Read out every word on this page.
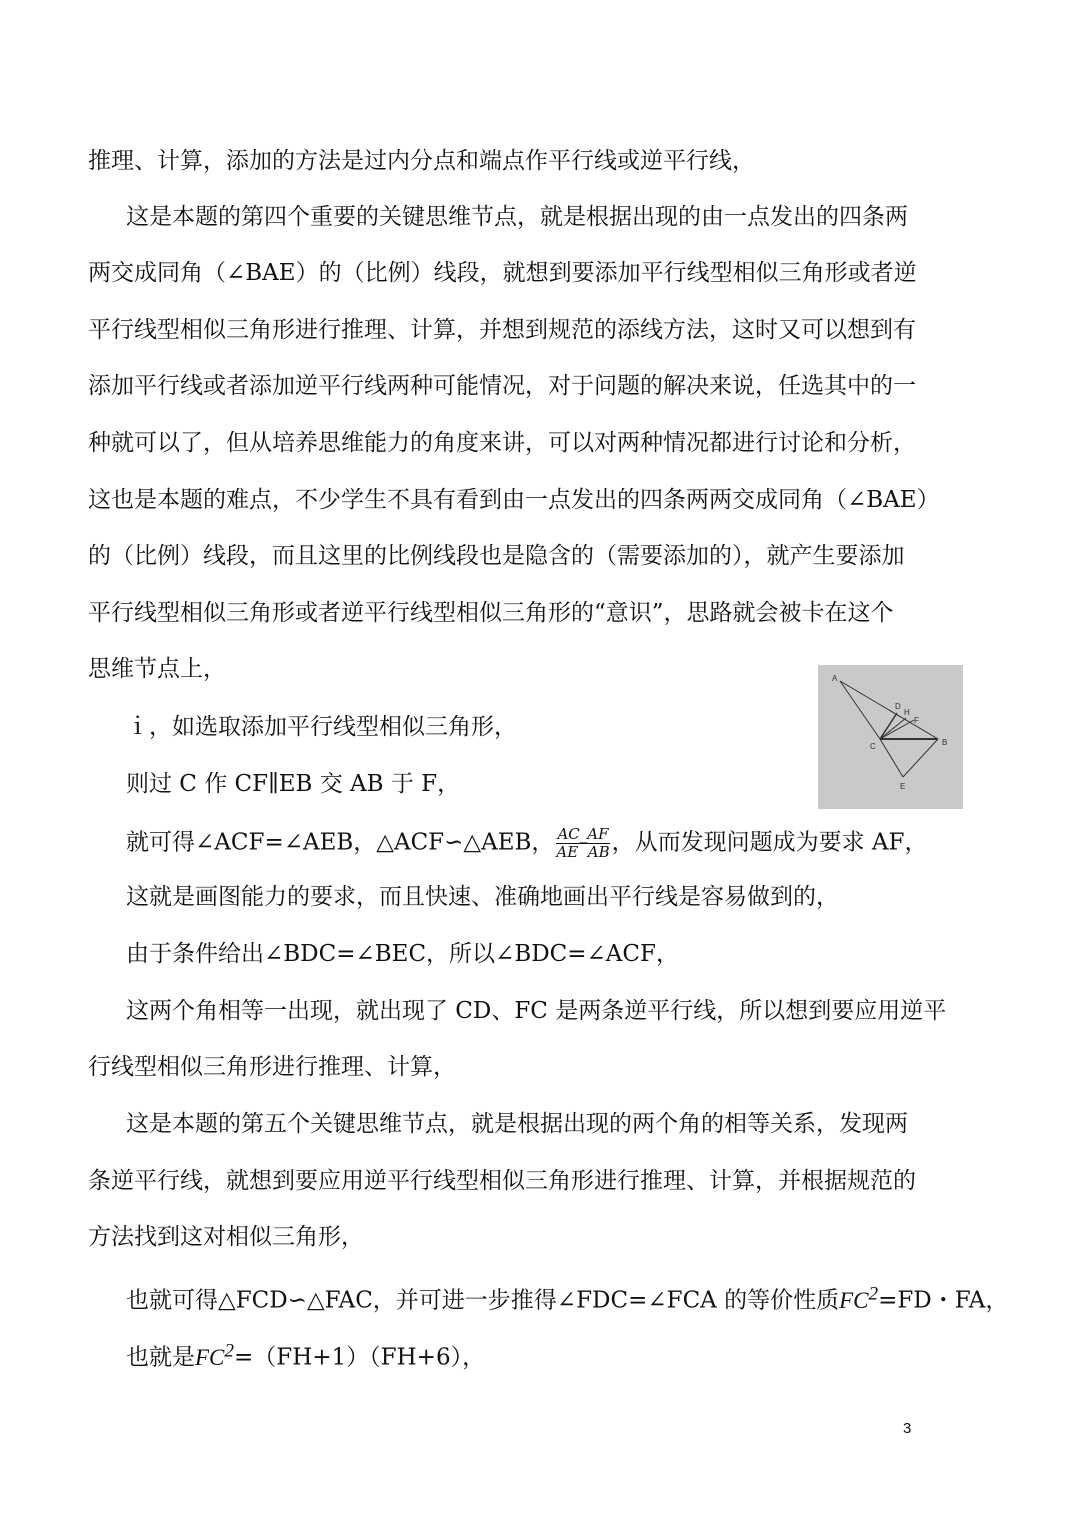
推理、计算，添加的方法是过内分点和端点作平行线或逆平行线，
这是本题的第四个重要的关键思维节点，就是根据出现的由一点发出的四条两
两交成同角（∠BAE）的（比例）线段，就想到要添加平行线型相似三角形或者逆
平行线型相似三角形进行推理、计算，并想到规范的添线方法，这时又可以想到有
添加平行线或者添加逆平行线两种可能情况，对于问题的解决来说，任选其中的一
种就可以了，但从培养思维能力的角度来讲，可以对两种情况都进行讨论和分析，
这也是本题的难点，不少学生不具有看到由一点发出的四条两两交成同角（∠BAE）
的（比例）线段，而且这里的比例线段也是隐含的（需要添加的），就产生要添加
平行线型相似三角形或者逆平行线型相似三角形的“意识”，思路就会被卡在这个
思维节点上，
ｉ，如选取添加平行线型相似三角形，
则过 C 作 CF∥EB 交 AB 于 F，
就可得∠ACF=∠AEB，△ACF∽△AEB， $\frac{AC\_AF}{\text{AE AB}}$ ，从而发现问题成为要求 AF，
这就是画图能力的要求，而且快速、准确地画出平行线是容易做到的，
由于条件给出∠BDC=∠BEC，所以∠BDC=∠ACF，
这两个角相等一出现，就出现了 CD、FC 是两条逆平行线，所以想到要应用逆平
行线型相似三角形进行推理、计算，
这是本题的第五个关键思维节点，就是根据出现的两个角的相等关系，发现两
条逆平行线，就想到要应用逆平行线型相似三角形进行推理、计算，并根据规范的
方法找到这对相似三角形，
也就可得△FCD∽△FAC，并可进一步推得∠FDC=∠FCA 的等价性质$FC^2=FD$・FA，
也就是$FC^2=(FH+1)(FH+6)$，
A
D
H
F
C	B
E
3
